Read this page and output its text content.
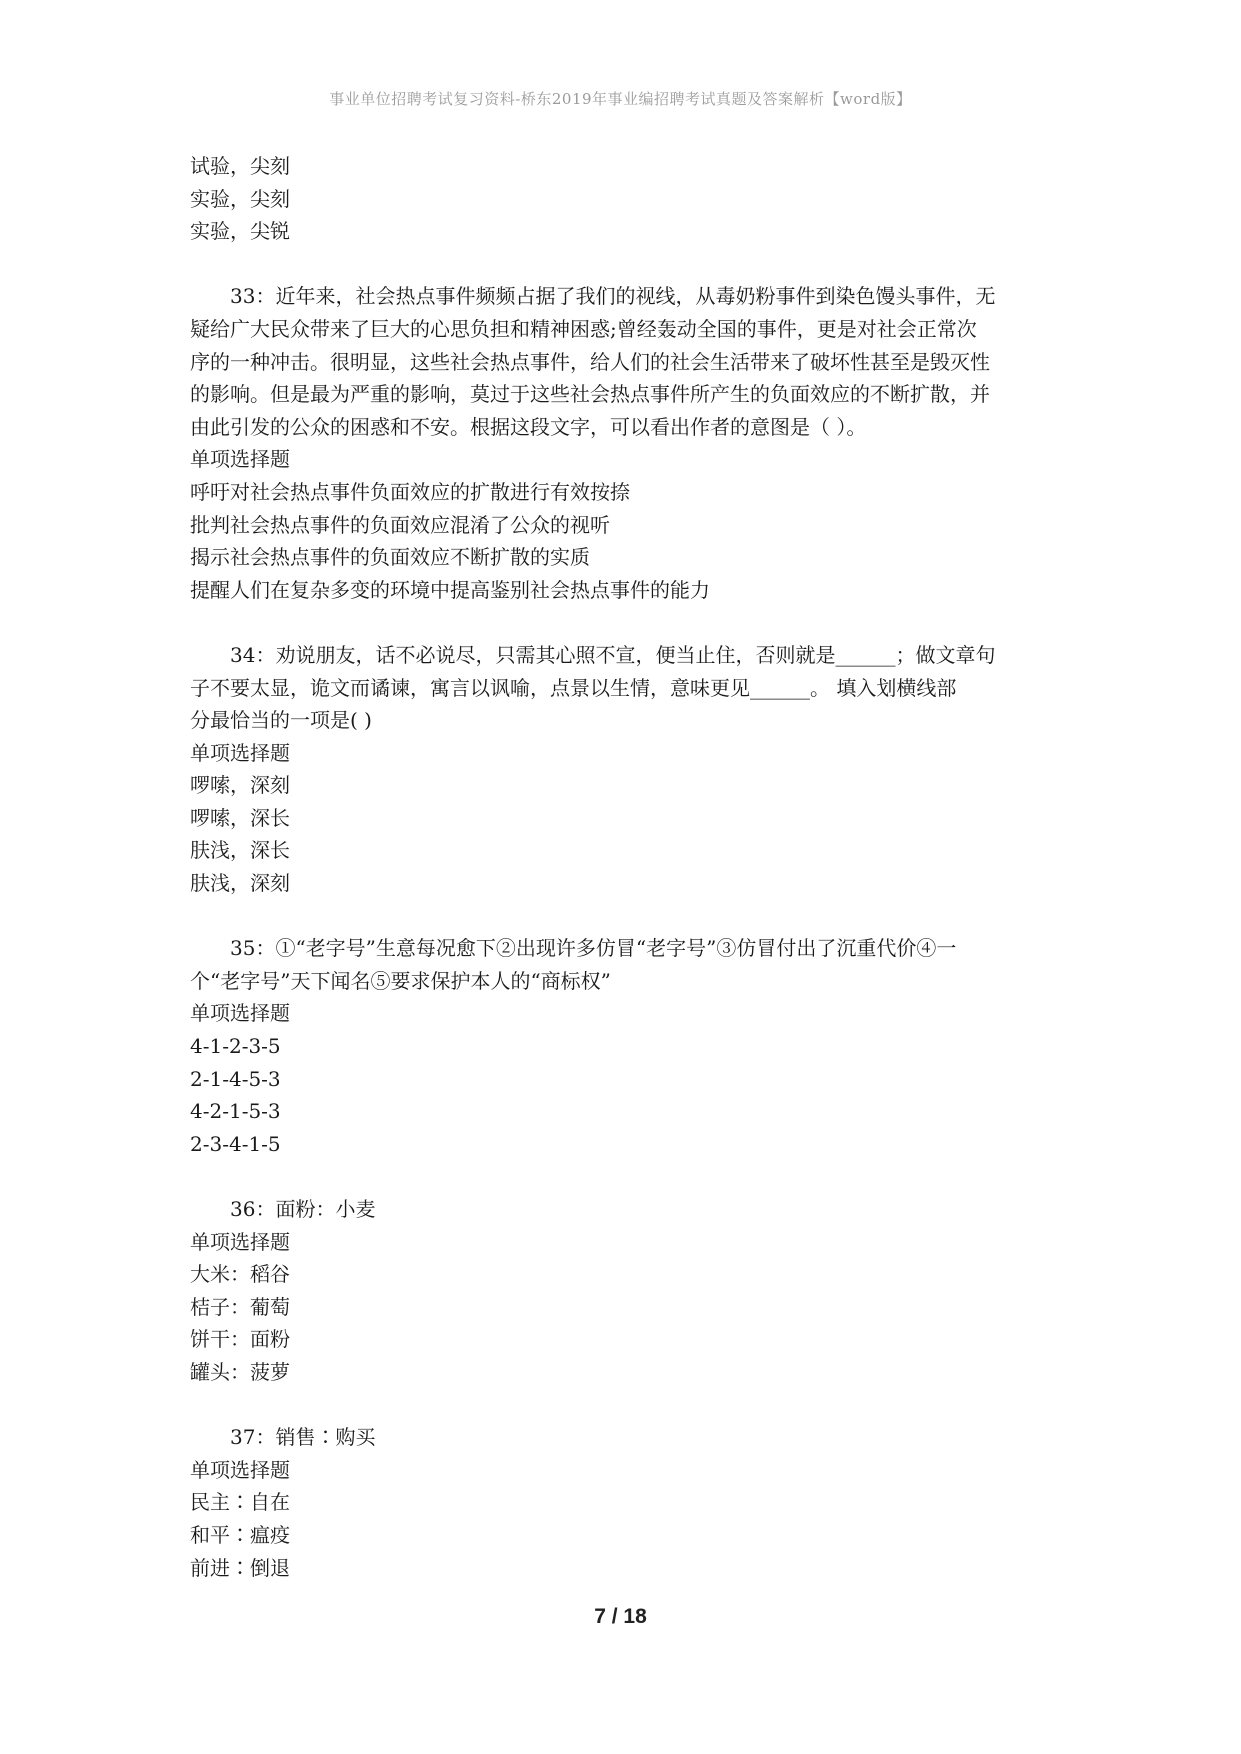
事业单位招聘考试复习资料-桥东2019年事业编招聘考试真题及答案解析【word版】
试验，尖刻
实验，尖刻
实验，尖锐
33：近年来，社会热点事件频频占据了我们的视线，从毒奶粉事件到染色馒头事件，无
疑给广大民众带来了巨大的心思负担和精神困惑;曾经轰动全国的事件，更是对社会正常次
序的一种冲击。很明显，这些社会热点事件，给人们的社会生活带来了破坏性甚至是毁灭性
的影响。但是最为严重的影响，莫过于这些社会热点事件所产生的负面效应的不断扩散，并
由此引发的公众的困惑和不安。根据这段文字，可以看出作者的意图是（ ）。
单项选择题
呼吁对社会热点事件负面效应的扩散进行有效按捺
批判社会热点事件的负面效应混淆了公众的视听
揭示社会热点事件的负面效应不断扩散的实质
提醒人们在复杂多变的环境中提高鉴别社会热点事件的能力
34：劝说朋友，话不必说尽，只需其心照不宣，便当止住，否则就是______；做文章句
子不要太显，诡文而谲谏，寓言以讽喻，点景以生情，意味更见______。 填入划横线部
分最恰当的一项是( )
单项选择题
啰嗦，深刻
啰嗦，深长
肤浅，深长
肤浅，深刻
35：①“老字号”生意每况愈下②出现许多仿冒“老字号”③仿冒付出了沉重代价④一
个“老字号”天下闻名⑤要求保护本人的“商标权”
单项选择题
4-1-2-3-5
2-1-4-5-3
4-2-1-5-3
2-3-4-1-5
36：面粉：小麦
单项选择题
大米：稻谷
桔子：葡萄
饼干：面粉
罐头：菠萝
37：销售∶购买
单项选择题
民主∶自在
和平∶瘟疫
前进∶倒退
7 / 18
